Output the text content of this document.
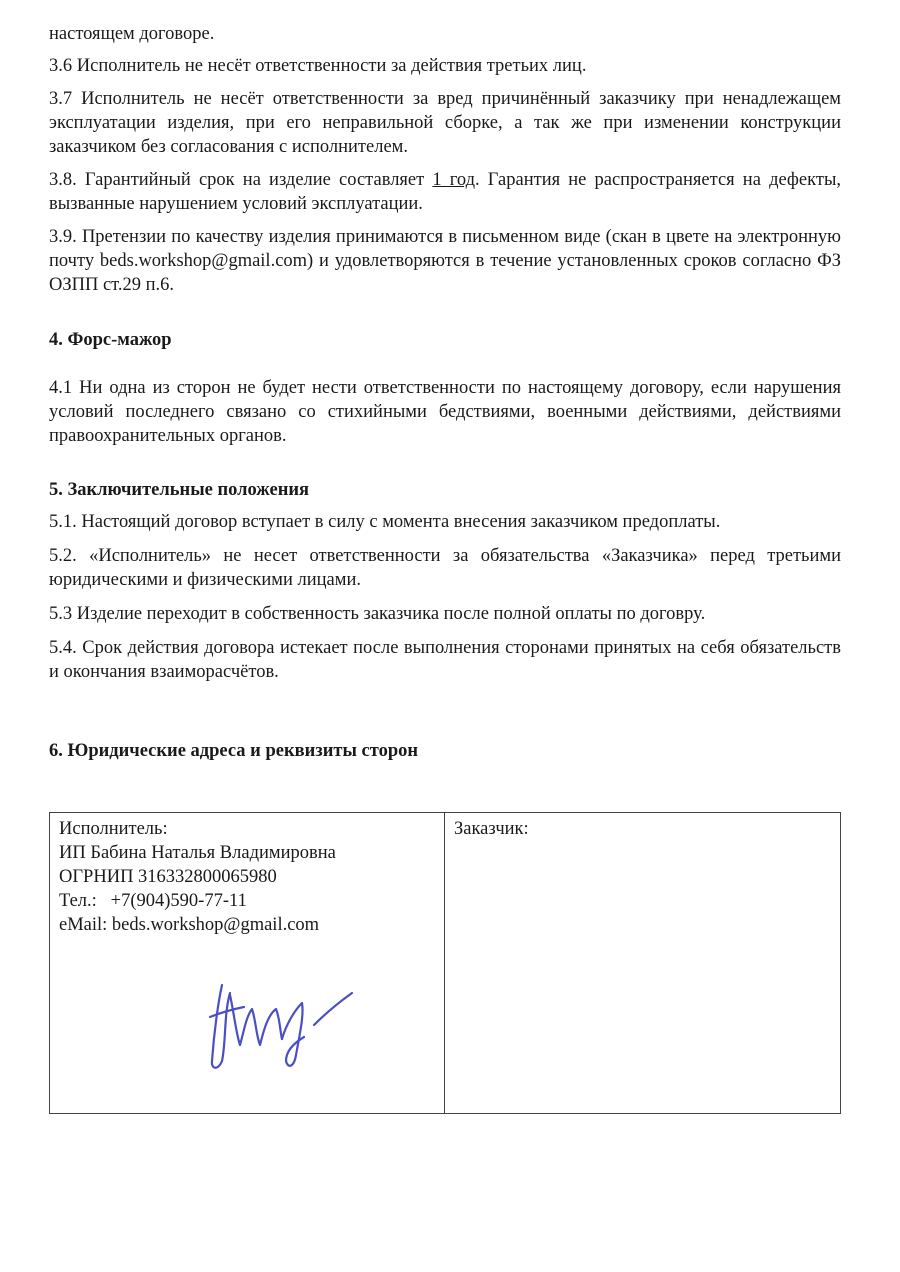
настоящем договоре.

3.6 Исполнитель не несёт ответственности за действия третьих лиц.

3.7 Исполнитель не несёт ответственности за вред причинённый заказчику при ненадлежащем эксплуатации изделия, при его неправильной сборке, а так же при изменении конструкции заказчиком без согласования с исполнителем.

3.8. Гарантийный срок на изделие составляет 1 год. Гарантия не распространяется на дефекты, вызванные нарушением условий эксплуатации.

3.9. Претензии по качеству изделия принимаются в письменном виде (скан в цвете на электронную почту beds.workshop@gmail.com) и удовлетворяются в течение установленных сроков согласно ФЗ ОЗПП ст.29 п.6.

4. Форс-мажор

4.1 Ни одна из сторон не будет нести ответственности по настоящему договору, если нарушения условий последнего связано со стихийными бедствиями, военными действиями, действиями правоохранительных органов.

5. Заключительные положения

5.1. Настоящий договор вступает в силу с момента внесения заказчиком предоплаты.

5.2. «Исполнитель» не несет ответственности за обязательства «Заказчика» перед третьими юридическими и физическими лицами.

5.3 Изделие переходит в собственность заказчика после полной оплаты по договру.

5.4. Срок действия договора истекает после выполнения сторонами принятых на себя обязательств и окончания взаиморасчётов.

6. Юридические адреса и реквизиты сторон

Исполнитель:
ИП Бабина Наталья Владимировна
ОГРНИП 316332800065980
Тел.:   +7(904)590-77-11
eMail: beds.workshop@gmail.com
Заказчик:
